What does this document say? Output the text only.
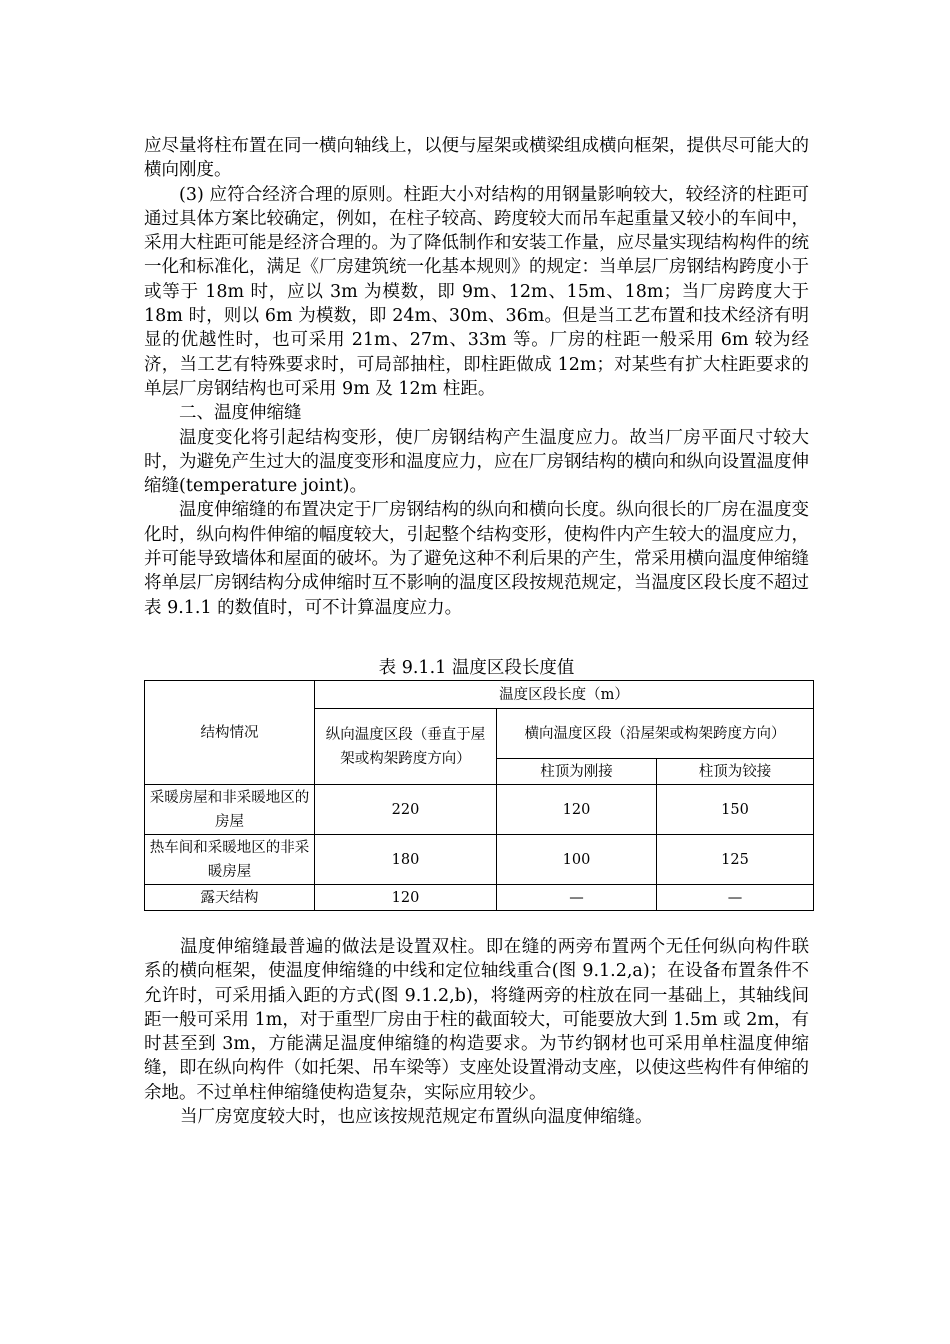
应尽量将柱布置在同一横向轴线上，以便与屋架或横梁组成横向框架，提供尽可能大的横向刚度。

(3) 应符合经济合理的原则。柱距大小对结构的用钢量影响较大，较经济的柱距可通过具体方案比较确定，例如，在柱子较高、跨度较大而吊车起重量又较小的车间中，采用大柱距可能是经济合理的。为了降低制作和安装工作量，应尽量实现结构构件的统一化和标准化，满足《厂房建筑统一化基本规则》的规定：当单层厂房钢结构跨度小于或等于 18m 时，应以 3m 为模数，即 9m、12m、15m、18m；当厂房跨度大于 18m 时，则以 6m 为模数，即 24m、30m、36m。但是当工艺布置和技术经济有明显的优越性时，也可采用 21m、27m、33m 等。厂房的柱距一般采用 6m 较为经济，当工艺有特殊要求时，可局部抽柱，即柱距做成 12m；对某些有扩大柱距要求的单层厂房钢结构也可采用 9m 及 12m 柱距。

二、温度伸缩缝

温度变化将引起结构变形，使厂房钢结构产生温度应力。故当厂房平面尺寸较大时，为避免产生过大的温度变形和温度应力，应在厂房钢结构的横向和纵向设置温度伸缩缝(temperature joint)。

温度伸缩缝的布置决定于厂房钢结构的纵向和横向长度。纵向很长的厂房在温度变化时，纵向构件伸缩的幅度较大，引起整个结构变形，使构件内产生较大的温度应力，并可能导致墙体和屋面的破坏。为了避免这种不利后果的产生，常采用横向温度伸缩缝将单层厂房钢结构分成伸缩时互不影响的温度区段按规范规定，当温度区段长度不超过表 9.1.1 的数值时，可不计算温度应力。

表 9.1.1 温度区段长度值
结构情况	温度区段长度（m）		
	纵向温度区段（垂直于屋架或构架跨度方向）	横向温度区段（沿屋架或构架跨度方向）	
		柱顶为刚接	柱顶为铰接
采暖房屋和非采暖地区的房屋	220	120	150
热车间和采暖地区的非采暖房屋	180	100	125
露天结构	120	—	—

温度伸缩缝最普遍的做法是设置双柱。即在缝的两旁布置两个无任何纵向构件联系的横向框架，使温度伸缩缝的中线和定位轴线重合(图 9.1.2,a)；在设备布置条件不允许时，可采用插入距的方式(图 9.1.2,b)，将缝两旁的柱放在同一基础上，其轴线间距一般可采用 1m，对于重型厂房由于柱的截面较大，可能要放大到 1.5m 或 2m，有时甚至到 3m，方能满足温度伸缩缝的构造要求。为节约钢材也可采用单柱温度伸缩缝，即在纵向构件（如托架、吊车梁等）支座处设置滑动支座，以使这些构件有伸缩的余地。不过单柱伸缩缝使构造复杂，实际应用较少。

当厂房宽度较大时，也应该按规范规定布置纵向温度伸缩缝。
